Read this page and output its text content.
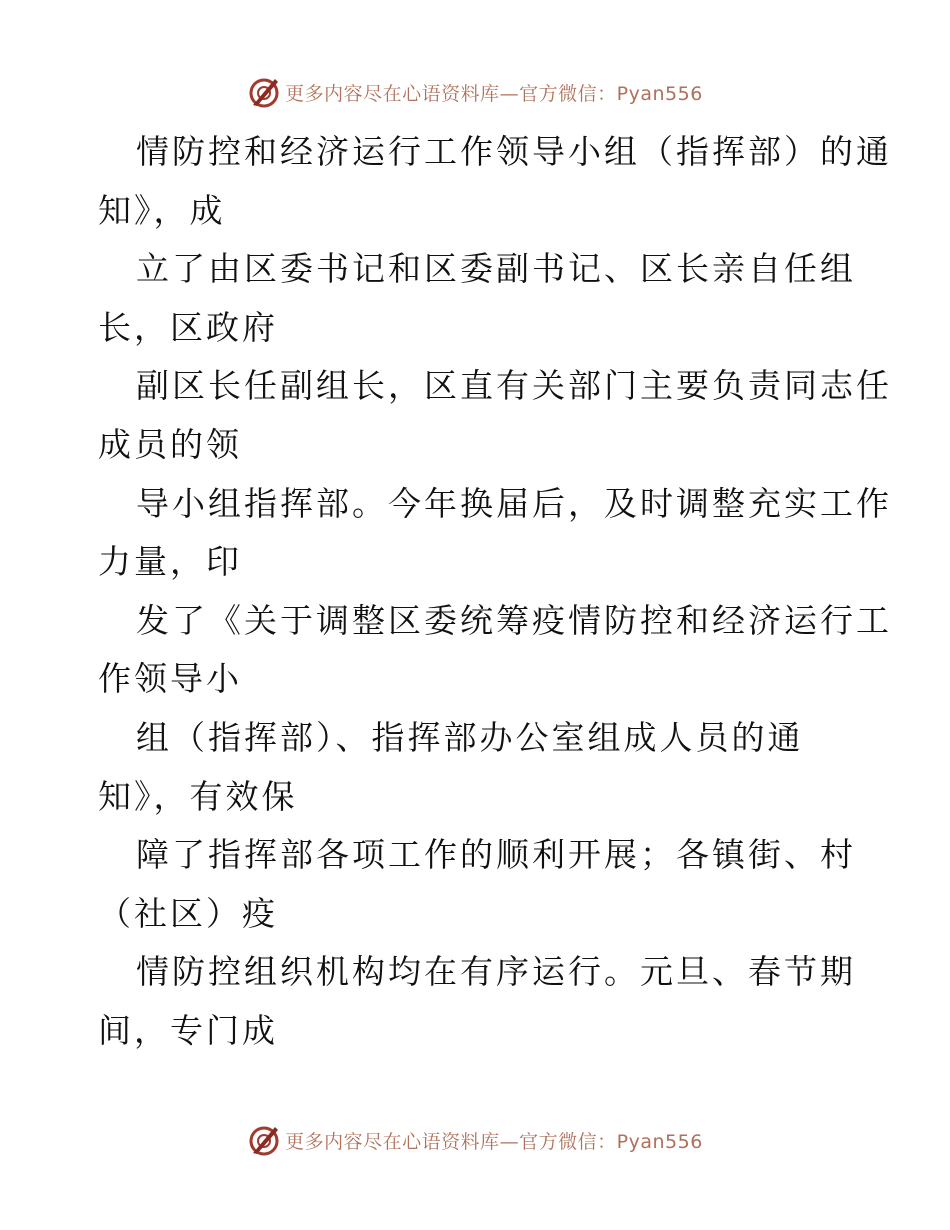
更多内容尽在心语资料库—官方微信：Pyan556
情防控和经济运行工作领导小组（指挥部）的通
知》，成
立了由区委书记和区委副书记、区长亲自任组
长，区政府
副区长任副组长，区直有关部门主要负责同志任
成员的领
导小组指挥部。今年换届后，及时调整充实工作
力量，印
发了《关于调整区委统筹疫情防控和经济运行工
作领导小
组（指挥部）、指挥部办公室组成人员的通
知》，有效保
障了指挥部各项工作的顺利开展；各镇街、村
（社区）疫
情防控组织机构均在有序运行。元旦、春节期
间，专门成
更多内容尽在心语资料库—官方微信：Pyan556
